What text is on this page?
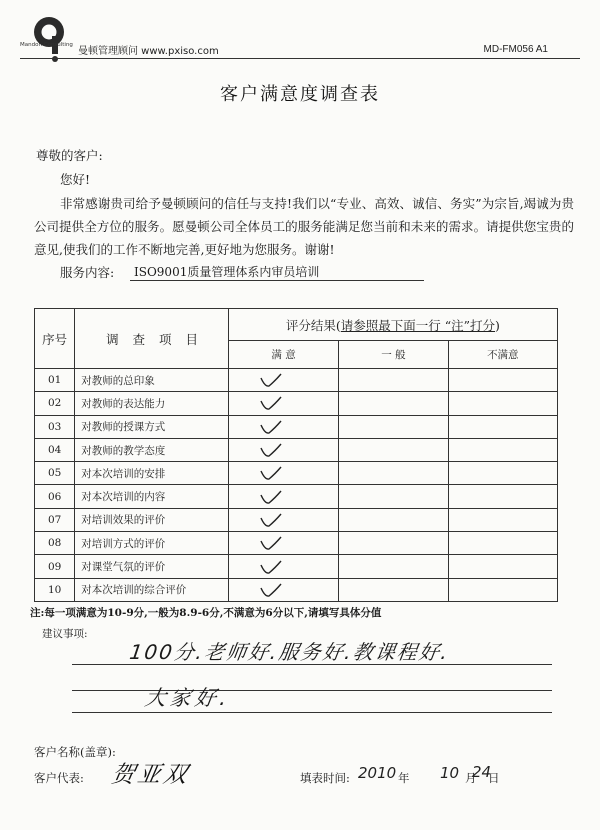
Mandon Consulting
曼顿管理顾问 www.pxiso.com	MD-FM056 A1
客户满意度调查表
尊敬的客户:
您好!
非常感谢贵司给予曼顿顾问的信任与支持!我们以“专业、高效、诚信、务实”为宗旨,竭诚为贵公司提供全方位的服务。愿曼顿公司全体员工的服务能满足您当前和未来的需求。请提供您宝贵的意见,使我们的工作不断地完善,更好地为您服务。谢谢!
服务内容:	ISO9001质量管理体系内审员培训
序号	调 查 项 目	评分结果(请参照最下面一行 “注”打分)		
		满 意	一 般	不满意
01	对教师的总印象	

02	对教师的表达能力	

03	对教师的授课方式	

04	对教师的教学态度	

05	对本次培训的安排	

06	对本次培训的内容	

07	对培训效果的评价	

08	对培训方式的评价	

09	对课堂气氛的评价	

10	对本次培训的综合评价	

注:每一项满意为10-9分,一般为8.9-6分,不满意为6分以下,请填写具体分值
建议事项:
100分.老师好.服务好.教课程好.
大家好.
客户名称(盖章):
客户代表: 贺亚双	填表时间: 2010 年 10 月
24
日
